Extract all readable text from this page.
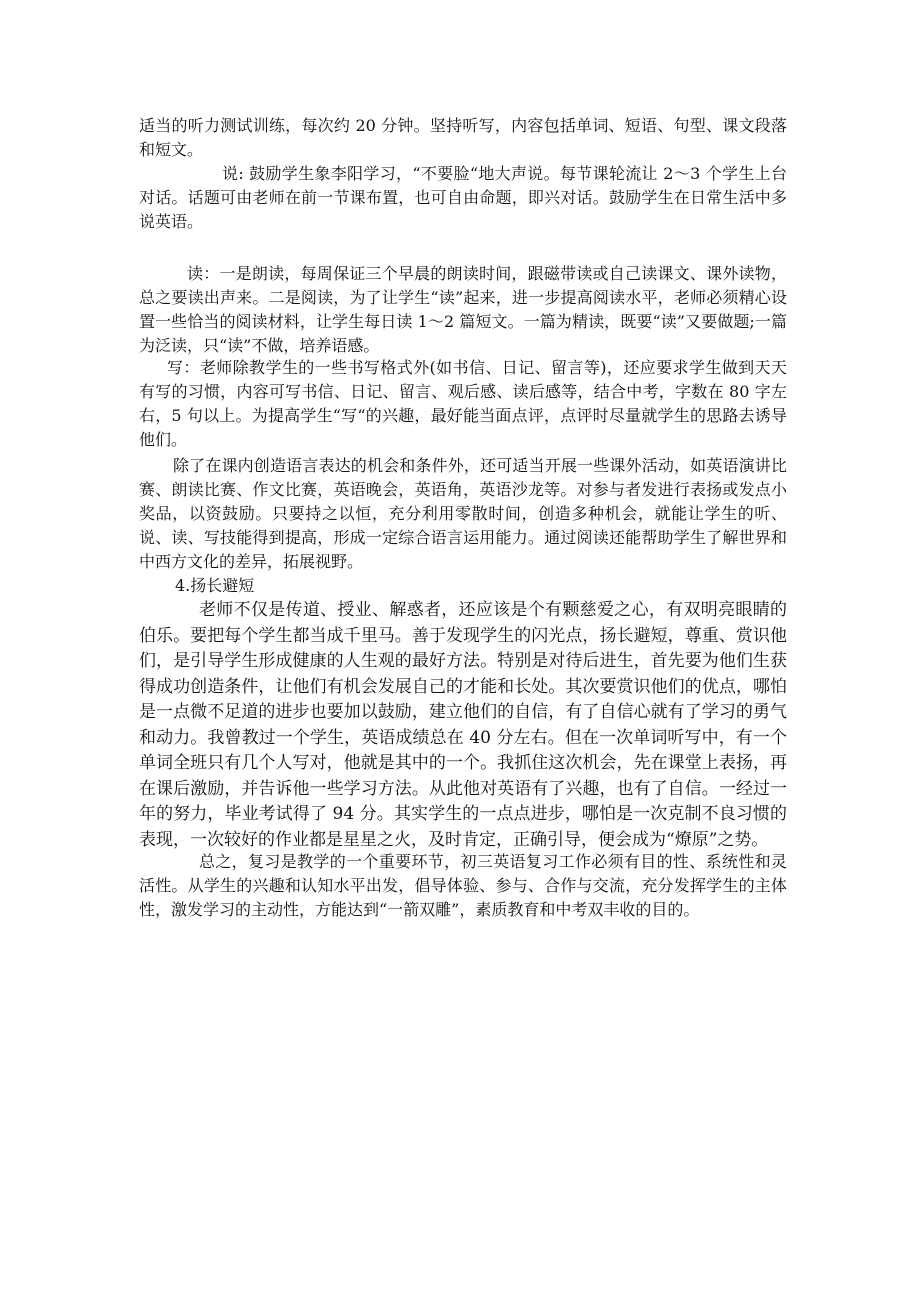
适当的听力测试训练，每次约 20 分钟。坚持听写，内容包括单词、短语、句型、课文段落和短文。

说: 鼓励学生象李阳学习，“不要脸“地大声说。每节课轮流让 2～3 个学生上台对话。话题可由老师在前一节课布置，也可自由命题，即兴对话。鼓励学生在日常生活中多说英语。

读：一是朗读，每周保证三个早晨的朗读时间，跟磁带读或自己读课文、课外读物，总之要读出声来。二是阅读，为了让学生“读”起来，进一步提高阅读水平，老师必须精心设置一些恰当的阅读材料，让学生每日读 1～2 篇短文。一篇为精读，既要“读”又要做题;一篇为泛读，只“读”不做，培养语感。

写：老师除教学生的一些书写格式外(如书信、日记、留言等)，还应要求学生做到天天有写的习惯，内容可写书信、日记、留言、观后感、读后感等，结合中考，字数在 80 字左右，5 句以上。为提高学生“写“的兴趣，最好能当面点评，点评时尽量就学生的思路去诱导他们。

除了在课内创造语言表达的机会和条件外，还可适当开展一些课外活动，如英语演讲比赛、朗读比赛、作文比赛，英语晚会，英语角，英语沙龙等。对参与者发进行表扬或发点小奖品，以资鼓励。只要持之以恒，充分利用零散时间，创造多种机会，就能让学生的听、说、读、写技能得到提高，形成一定综合语言运用能力。通过阅读还能帮助学生了解世界和中西方文化的差异，拓展视野。

4.扬长避短

老师不仅是传道、授业、解惑者，还应该是个有颗慈爱之心，有双明亮眼睛的伯乐。要把每个学生都当成千里马。善于发现学生的闪光点，扬长避短，尊重、赏识他们，是引导学生形成健康的人生观的最好方法。特别是对待后进生，首先要为他们生获得成功创造条件，让他们有机会发展自己的才能和长处。其次要赏识他们的优点，哪怕是一点微不足道的进步也要加以鼓励，建立他们的自信，有了自信心就有了学习的勇气和动力。我曾教过一个学生，英语成绩总在 40 分左右。但在一次单词听写中，有一个单词全班只有几个人写对，他就是其中的一个。我抓住这次机会，先在课堂上表扬，再在课后激励，并告诉他一些学习方法。从此他对英语有了兴趣，也有了自信。一经过一年的努力，毕业考试得了 94 分。其实学生的一点点进步，哪怕是一次克制不良习惯的表现，一次较好的作业都是星星之火，及时肯定，正确引导，便会成为“燎原”之势。

总之，复习是教学的一个重要环节，初三英语复习工作必须有目的性、系统性和灵活性。从学生的兴趣和认知水平出发，倡导体验、参与、合作与交流，充分发挥学生的主体性，激发学习的主动性，方能达到“一箭双雕”，素质教育和中考双丰收的目的。
